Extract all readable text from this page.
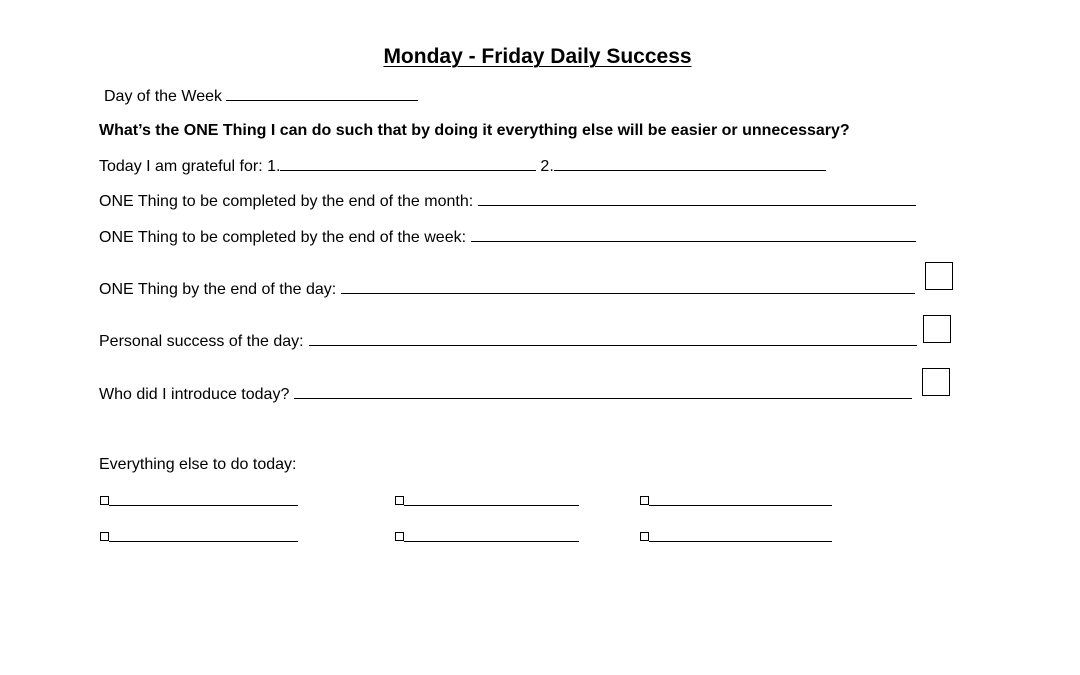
Monday - Friday Daily Success
Day of the Week
What’s the ONE Thing I can do such that by doing it everything else will be easier or unnecessary?
Today I am grateful for: 1.	2.
ONE Thing to be completed by the end of the month:
ONE Thing to be completed by the end of the week:
ONE Thing by the end of the day:
Personal success of the day:
Who did I introduce today?
Everything else to do today:
